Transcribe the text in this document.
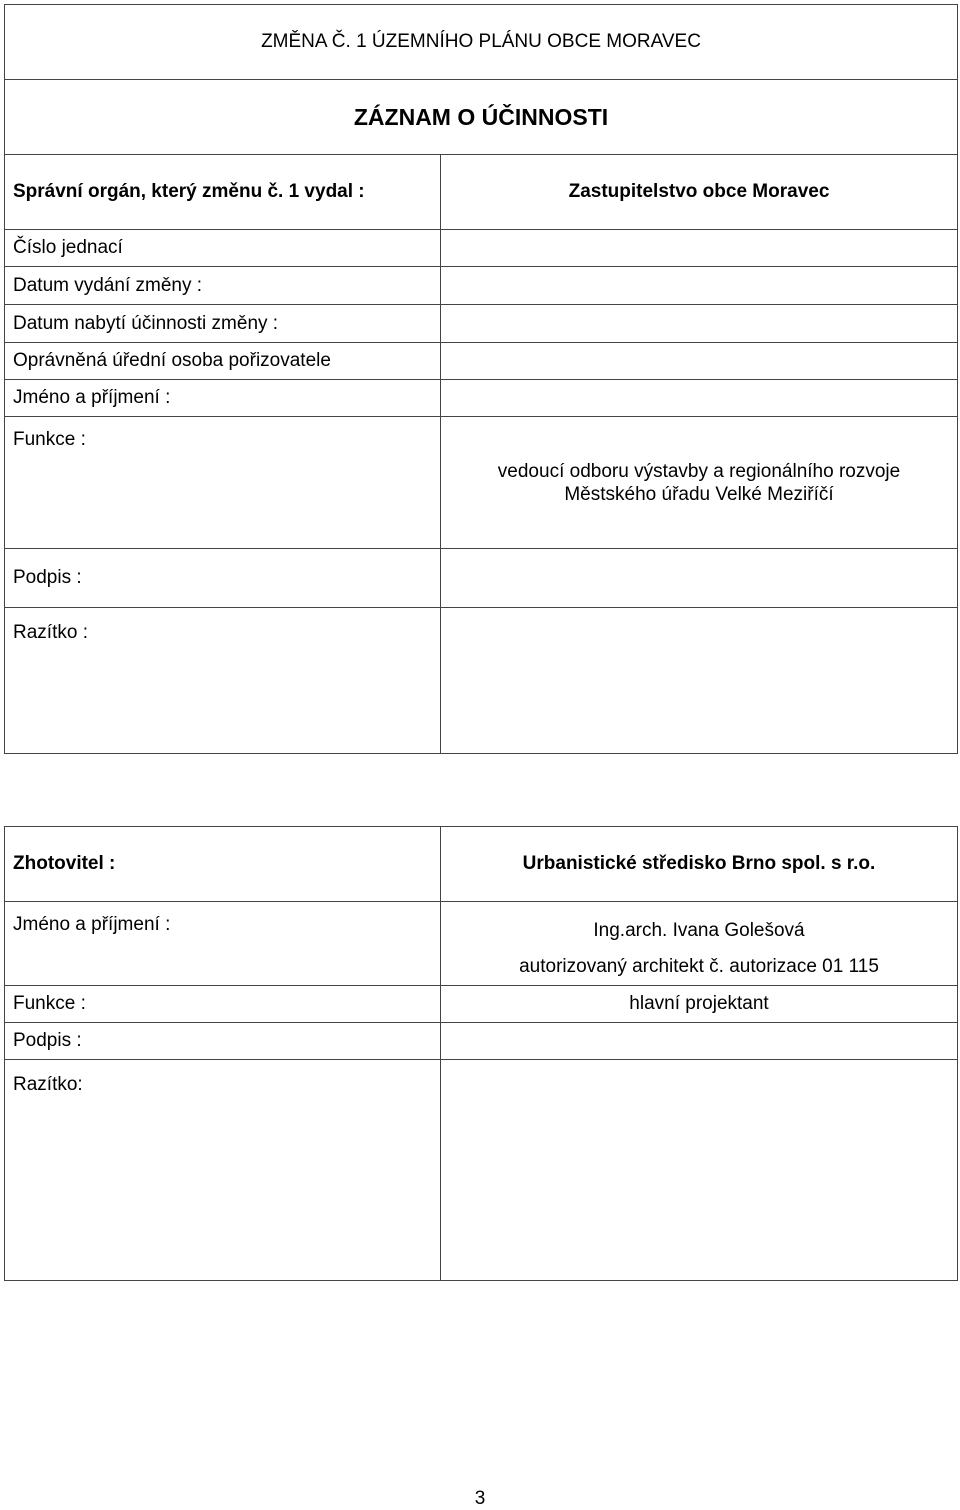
ZMĚNA Č. 1 ÚZEMNÍHO PLÁNU OBCE MORAVEC	
ZÁZNAM O ÚČINNOSTI	
Správní orgán, který změnu č. 1 vydal :	Zastupitelstvo obce Moravec
Číslo jednací	
Datum vydání změny :	
Datum nabytí účinnosti změny :	
Oprávněná úřední osoba pořizovatele	
Jméno a příjmení :	
Funkce :	vedoucí odboru výstavby a regionálního rozvoje
Městského úřadu Velké Meziříčí

Podpis :	
Razítko :	
Zhotovitel :	Urbanistické středisko Brno spol. s r.o.
Jméno a příjmení :	Ing.arch. Ivana Golešová
autorizovaný architekt č. autorizace 01 115

Funkce :	hlavní projektant
Podpis :	
Razítko:	
3
